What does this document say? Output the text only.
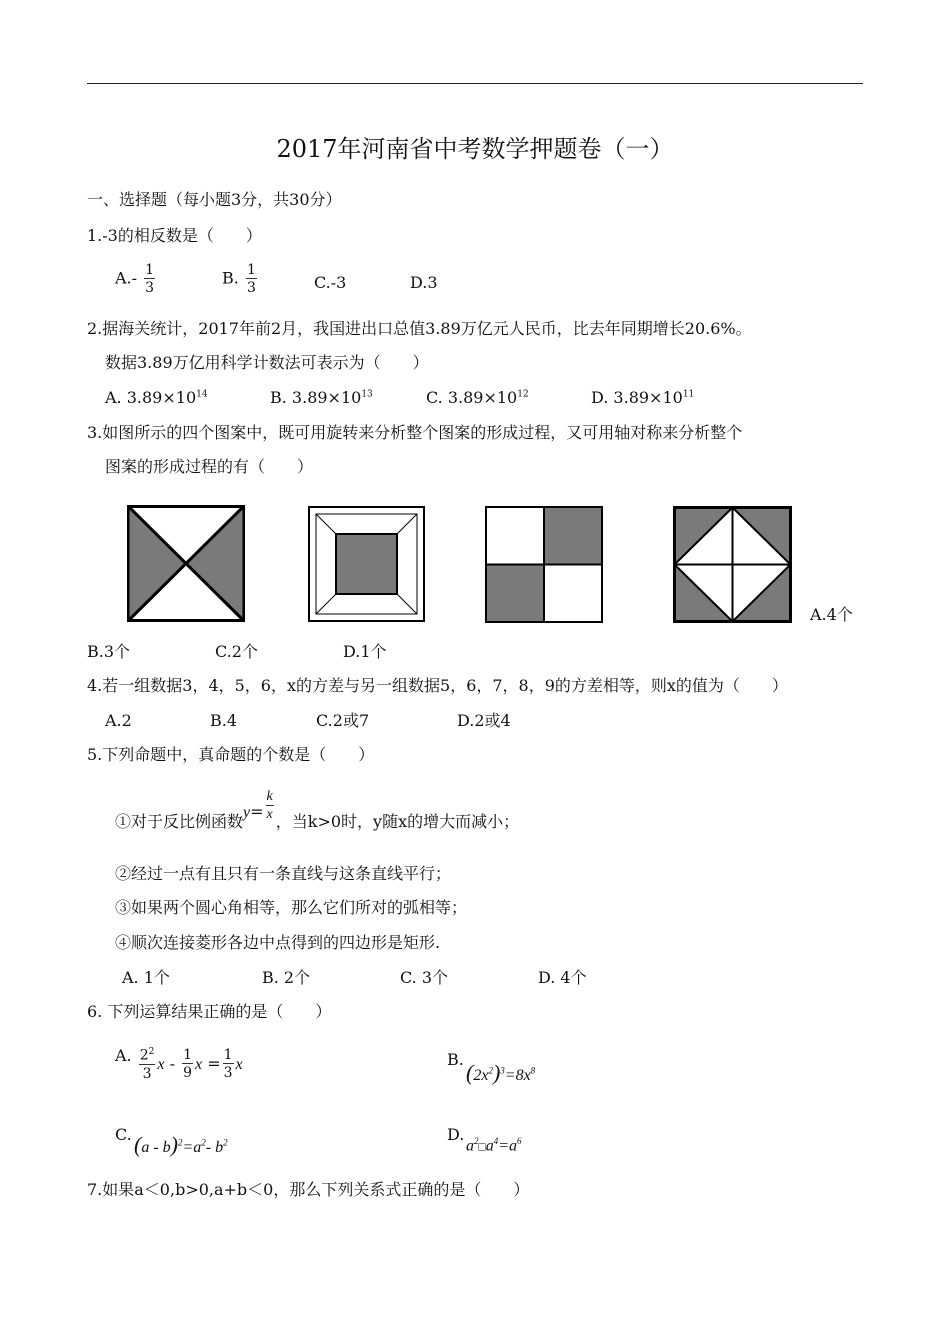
2017年河南省中考数学押题卷（一）
一、选择题（每小题3分，共30分）
1.-3的相反数是（　　）
$A.- \frac{1}{3}$	B. $\frac{1}{3}$	C.-3	D.3
2.据海关统计，2017年前2月，我国进出口总值3.89万亿元人民币，比去年同期增长20.6%。
数据3.89万亿用科学计数法可表示为（　　）
A. $3.89\times 10^{14}$	B. $3.89\times 10^{13}$	C. $3.89\times 10^{12}$	D. $3.89\times 10^{11}$
3.如图所示的四个图案中，既可用旋转来分析整个图案的形成过程，又可用轴对称来分析整个
图案的形成过程的有（　　）
A.4个
B.3个	C.2个	D.1个
4.若一组数据3，4，5，6，x的方差与另一组数据5，6，7，8，9的方差相等，则x的值为（　　）
A.2	B.4	C.2或7	D.2或4
5.下列命题中，真命题的个数是（　　）
①对于反比例函数$y= \frac{k}{x}$ ，当k>0时，y随x的增大而减小；
②经过一点有且只有一条直线与这条直线平行；
③如果两个圆心角相等，那么它们所对的弧相等；
④顺次连接菱形各边中点得到的四边形是矩形.
A. 1个	B. 2个	C. 3个	D. 4个
6. 下列运算结果正确的是（　　）
A. $\frac{2^2}{3}$ x - $\frac{1}{9}$ $x = \frac{1}{3}$ x	B.
$(2x^2)^3=8x^8$
C. $(a - b)^2=a^2-$ $b^2$	D.
$a^2□a^4=a^6$
7.如果a＜0,b>0,a+b＜0，那么下列关系式正确的是（　　）
